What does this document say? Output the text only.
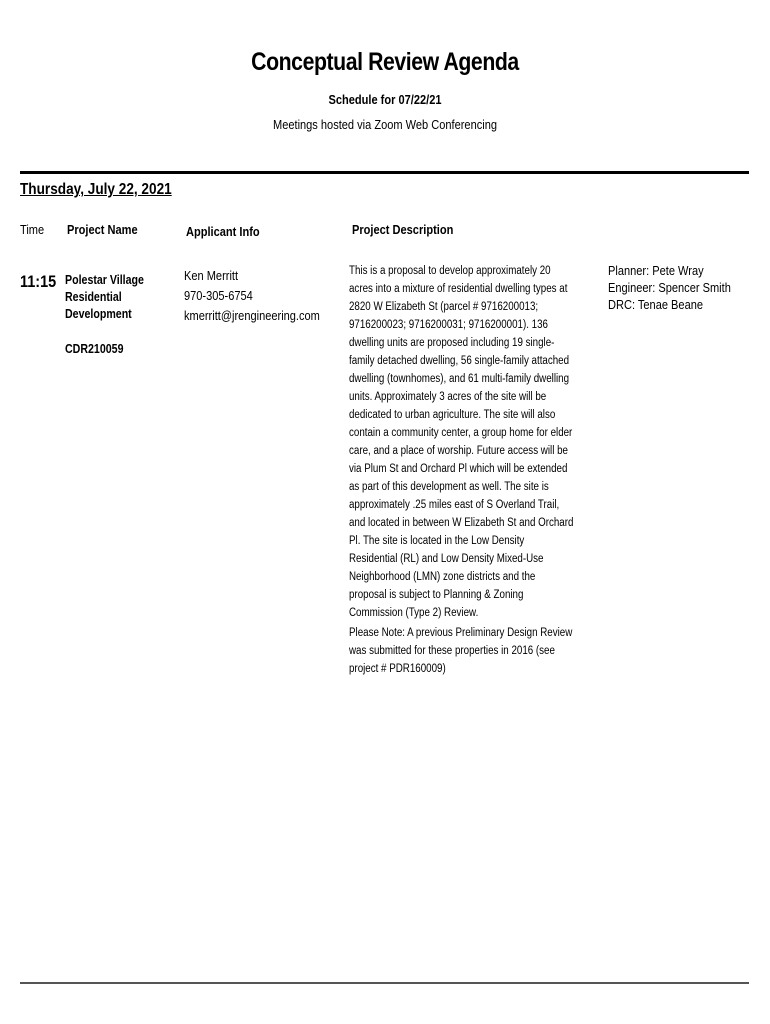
Conceptual Review Agenda
Schedule for 07/22/21
Meetings hosted via Zoom Web Conferencing
Thursday, July 22, 2021
Time Project Name	Applicant Info	Project Description
11:15 Polestar Village
Residential
Development
CDR210059
Ken Merritt
970-305-6754
kmerritt@jrengineering.com
This is a proposal to develop approximately 20 acres into a mixture of residential dwelling types at 2820 W Elizabeth St (parcel # 9716200013; 9716200023; 9716200031; 9716200001). 136 dwelling units are proposed including 19 single-family detached dwelling, 56 single-family attached dwelling (townhomes), and 61 multi-family dwelling units. Approximately 3 acres of the site will be dedicated to urban agriculture. The site will also contain a community center, a group home for elder care, and a place of worship. Future access will be via Plum St and Orchard Pl which will be extended as part of this development as well. The site is approximately .25 miles east of S Overland Trail, and located in between W Elizabeth St and Orchard Pl. The site is located in the Low Density Residential (RL) and Low Density Mixed-Use Neighborhood (LMN) zone districts and the proposal is subject to Planning & Zoning Commission (Type 2) Review.
Please Note: A previous Preliminary Design Review was submitted for these properties in 2016 (see project # PDR160009)
Planner: Pete Wray
Engineer: Spencer Smith
DRC: Tenae Beane
